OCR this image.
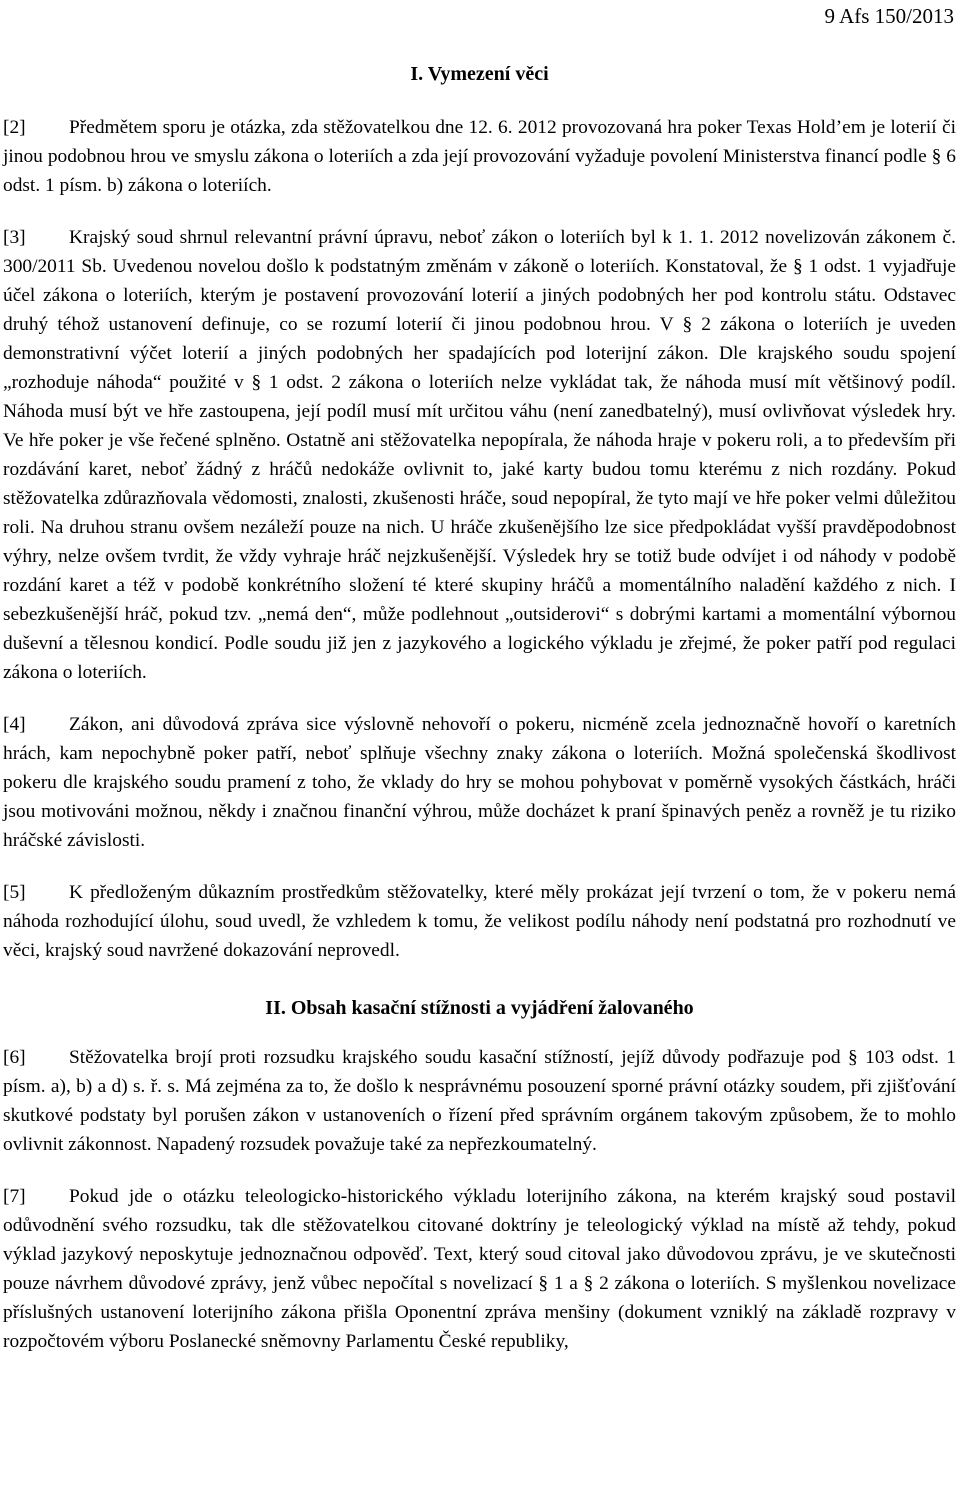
9 Afs 150/2013
I. Vymezení věci

[2] Předmětem sporu je otázka, zda stěžovatelkou dne 12. 6. 2012 provozovaná hra poker Texas Hold’em je loterií či jinou podobnou hrou ve smyslu zákona o loteriích a zda její provozování vyžaduje povolení Ministerstva financí podle § 6 odst. 1 písm. b) zákona o loteriích.

[3] Krajský soud shrnul relevantní právní úpravu, neboť zákon o loteriích byl k 1. 1. 2012 novelizován zákonem č. 300/2011 Sb. Uvedenou novelou došlo k podstatným změnám v zákoně o loteriích. Konstatoval, že § 1 odst. 1 vyjadřuje účel zákona o loteriích, kterým je postavení provozování loterií a jiných podobných her pod kontrolu státu. Odstavec druhý téhož ustanovení definuje, co se rozumí loterií či jinou podobnou hrou. V § 2 zákona o loteriích je uveden demonstrativní výčet loterií a jiných podobných her spadajících pod loterijní zákon. Dle krajského soudu spojení „rozhoduje náhoda“ použité v § 1 odst. 2 zákona o loteriích nelze vykládat tak, že náhoda musí mít většinový podíl. Náhoda musí být ve hře zastoupena, její podíl musí mít určitou váhu (není zanedbatelný), musí ovlivňovat výsledek hry. Ve hře poker je vše řečené splněno. Ostatně ani stěžovatelka nepopírala, že náhoda hraje v pokeru roli, a to především při rozdávání karet, neboť žádný z hráčů nedokáže ovlivnit to, jaké karty budou tomu kterému z nich rozdány. Pokud stěžovatelka zdůrazňovala vědomosti, znalosti, zkušenosti hráče, soud nepopíral, že tyto mají ve hře poker velmi důležitou roli. Na druhou stranu ovšem nezáleží pouze na nich. U hráče zkušenějšího lze sice předpokládat vyšší pravděpodobnost výhry, nelze ovšem tvrdit, že vždy vyhraje hráč nejzkušenější. Výsledek hry se totiž bude odvíjet i od náhody v podobě rozdání karet a též v podobě konkrétního složení té které skupiny hráčů a momentálního naladění každého z nich. I sebezkušenější hráč, pokud tzv. „nemá den“, může podlehnout „outsiderovi“ s dobrými kartami a momentální výbornou duševní a tělesnou kondicí. Podle soudu již jen z jazykového a logického výkladu je zřejmé, že poker patří pod regulaci zákona o loteriích.

[4] Zákon, ani důvodová zpráva sice výslovně nehovoří o pokeru, nicméně zcela jednoznačně hovoří o karetních hrách, kam nepochybně poker patří, neboť splňuje všechny znaky zákona o loteriích. Možná společenská škodlivost pokeru dle krajského soudu pramení z toho, že vklady do hry se mohou pohybovat v poměrně vysokých částkách, hráči jsou motivováni možnou, někdy i značnou finanční výhrou, může docházet k praní špinavých peněz a rovněž je tu riziko hráčské závislosti.

[5] K předloženým důkazním prostředkům stěžovatelky, které měly prokázat její tvrzení o tom, že v pokeru nemá náhoda rozhodující úlohu, soud uvedl, že vzhledem k tomu, že velikost podílu náhody není podstatná pro rozhodnutí ve věci, krajský soud navržené dokazování neprovedl.

II. Obsah kasační stížnosti a vyjádření žalovaného

[6] Stěžovatelka brojí proti rozsudku krajského soudu kasační stížností, jejíž důvody podřazuje pod § 103 odst. 1 písm. a), b) a d) s. ř. s. Má zejména za to, že došlo k nesprávnému posouzení sporné právní otázky soudem, při zjišťování skutkové podstaty byl porušen zákon v ustanoveních o řízení před správním orgánem takovým způsobem, že to mohlo ovlivnit zákonnost. Napadený rozsudek považuje také za nepřezkoumatelný.

[7] Pokud jde o otázku teleologicko-historického výkladu loterijního zákona, na kterém krajský soud postavil odůvodnění svého rozsudku, tak dle stěžovatelkou citované doktríny je teleologický výklad na místě až tehdy, pokud výklad jazykový neposkytuje jednoznačnou odpověď. Text, který soud citoval jako důvodovou zprávu, je ve skutečnosti pouze návrhem důvodové zprávy, jenž vůbec nepočítal s novelizací § 1 a § 2 zákona o loteriích. S myšlenkou novelizace příslušných ustanovení loterijního zákona přišla Oponentní zpráva menšiny (dokument vzniklý na základě rozpravy v rozpočtovém výboru Poslanecké sněmovny Parlamentu České republiky,
